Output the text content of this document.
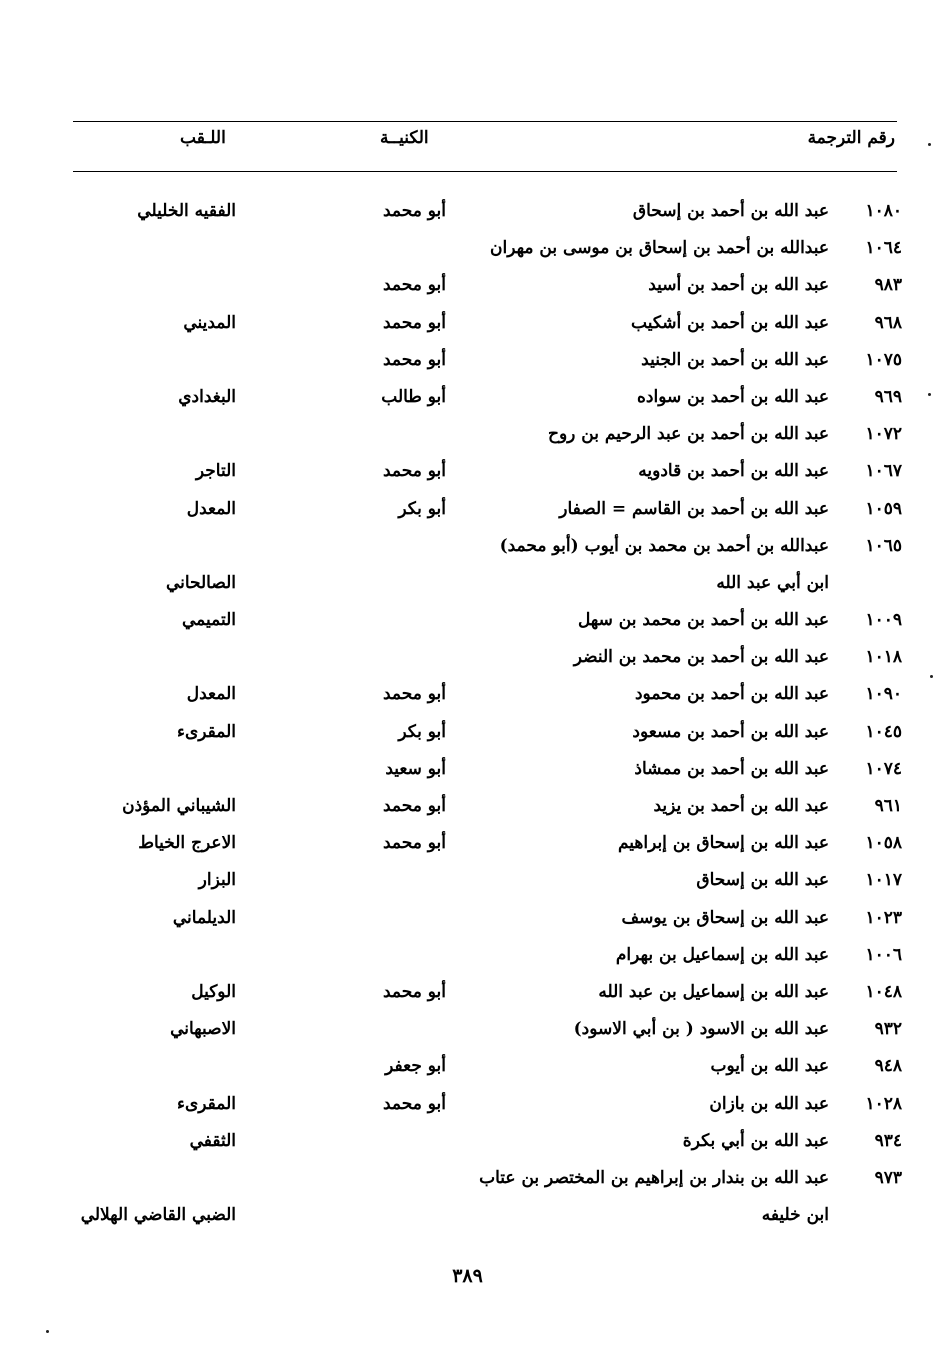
رقم الترجمة
الكنيــة
اللـقب
١٠٨٠
عبد الله بن أحمد بن إسحاق
أبو محمد
الفقيه الخليلي
١٠٦٤
عبدالله بن أحمد بن إسحاق بن موسى بن مهران
٩٨٣
عبد الله بن أحمد بن أسيد
أبو محمد
٩٦٨
عبد الله بن أحمد بن أشكيب
أبو محمد
المديني
١٠٧٥
عبد الله بن أحمد بن الجنيد
أبو محمد
٩٦٩
عبد الله بن أحمد بن سواده
أبو طالب
البغدادي
١٠٧٢
عبد الله بن أحمد بن عبد الرحيم بن روح
١٠٦٧
عبد الله بن أحمد بن قادويه
أبو محمد
التاجر
١٠٥٩
عبد الله بن أحمد بن القاسم = الصفار
أبو بكر
المعدل
١٠٦٥
عبدالله بن أحمد بن محمد بن أيوب (أبو محمد)
ابن أبي عبد الله
الصالحاني
١٠٠٩
عبد الله بن أحمد بن محمد بن سهل
التميمي
١٠١٨
عبد الله بن أحمد بن محمد بن النضر
١٠٩٠
عبد الله بن أحمد بن محمود
أبو محمد
المعدل
١٠٤٥
عبد الله بن أحمد بن مسعود
أبو بكر
المقرىء
١٠٧٤
عبد الله بن أحمد بن ممشاذ
أبو سعيد
٩٦١
عبد الله بن أحمد بن يزيد
أبو محمد
الشيباني المؤذن
١٠٥٨
عبد الله بن إسحاق بن إبراهيم
أبو محمد
الاعرج الخياط
١٠١٧
عبد الله بن إسحاق
البزار
١٠٢٣
عبد الله بن إسحاق بن يوسف
الديلماني
١٠٠٦
عبد الله بن إسماعيل بن بهرام
١٠٤٨
عبد الله بن إسماعيل بن عبد الله
أبو محمد
الوكيل
٩٣٢
عبد الله بن الاسود ( بن أبي الاسود)
الاصبهاني
٩٤٨
عبد الله بن أيوب
أبو جعفر
١٠٢٨
عبد الله بن بازان
أبو محمد
المقرىء
٩٣٤
عبد الله بن أبي بكرة
الثقفي
٩٧٣
عبد الله بن بندار بن إبراهيم بن المختصر بن عتاب
ابن خليفه
الضبي القاضي الهلالي
٣٨٩
